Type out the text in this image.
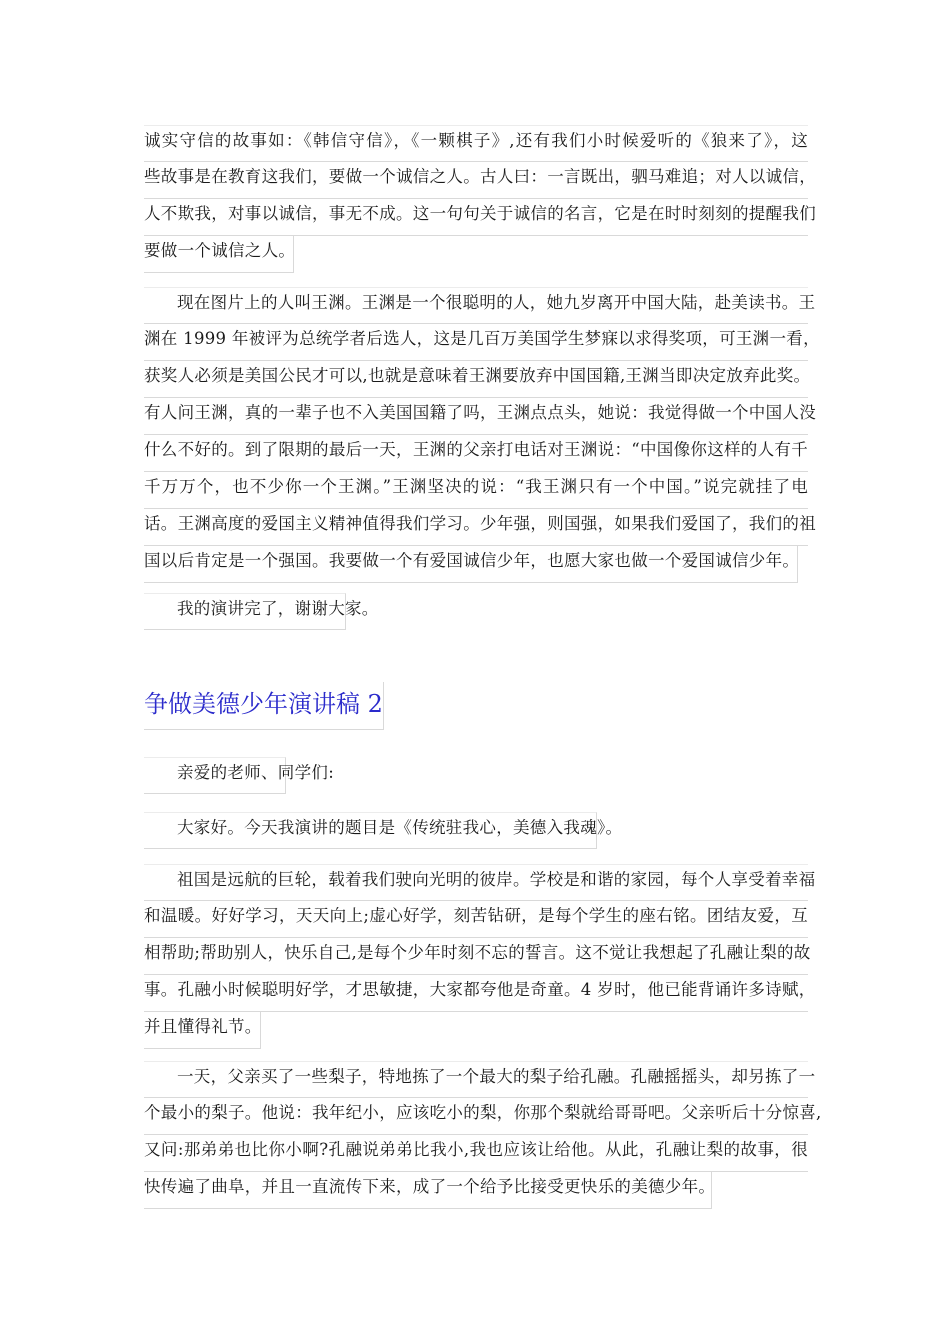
诚实守信的故事如：《韩信守信》，《一颗棋子》,还有我们小时候爱听的《狼来了》，这
些故事是在教育这我们，要做一个诚信之人。古人曰：一言既出，驷马难追；对人以诚信，
人不欺我，对事以诚信，事无不成。这一句句关于诚信的名言，它是在时时刻刻的提醒我们
要做一个诚信之人。
现在图片上的人叫王渊。王渊是一个很聪明的人，她九岁离开中国大陆，赴美读书。王
渊在 1999 年被评为总统学者后选人，这是几百万美国学生梦寐以求得奖项，可王渊一看，
获奖人必须是美国公民才可以,也就是意味着王渊要放弃中国国籍,王渊当即决定放弃此奖。
有人问王渊，真的一辈子也不入美国国籍了吗，王渊点点头，她说：我觉得做一个中国人没
什么不好的。到了限期的最后一天，王渊的父亲打电话对王渊说：“中国像你这样的人有千
千万万个，也不少你一个王渊。”王渊坚决的说：“我王渊只有一个中国。”说完就挂了电
话。王渊高度的爱国主义精神值得我们学习。少年强，则国强，如果我们爱国了，我们的祖
国以后肯定是一个强国。我要做一个有爱国诚信少年，也愿大家也做一个爱国诚信少年。
我的演讲完了，谢谢大家。
争做美德少年演讲稿 2
亲爱的老师、同学们:
大家好。今天我演讲的题目是《传统驻我心，美德入我魂》。
祖国是远航的巨轮，载着我们驶向光明的彼岸。学校是和谐的家园，每个人享受着幸福
和温暖。好好学习，天天向上;虚心好学，刻苦钻研，是每个学生的座右铭。团结友爱，互
相帮助;帮助别人，快乐自己,是每个少年时刻不忘的誓言。这不觉让我想起了孔融让梨的故
事。孔融小时候聪明好学，才思敏捷，大家都夸他是奇童。4 岁时，他已能背诵许多诗赋，
并且懂得礼节。
一天，父亲买了一些梨子，特地拣了一个最大的梨子给孔融。孔融摇摇头，却另拣了一
个最小的梨子。他说：我年纪小，应该吃小的梨，你那个梨就给哥哥吧。父亲听后十分惊喜,
又问:那弟弟也比你小啊?孔融说弟弟比我小,我也应该让给他。从此，孔融让梨的故事，很
快传遍了曲阜，并且一直流传下来，成了一个给予比接受更快乐的美德少年。
